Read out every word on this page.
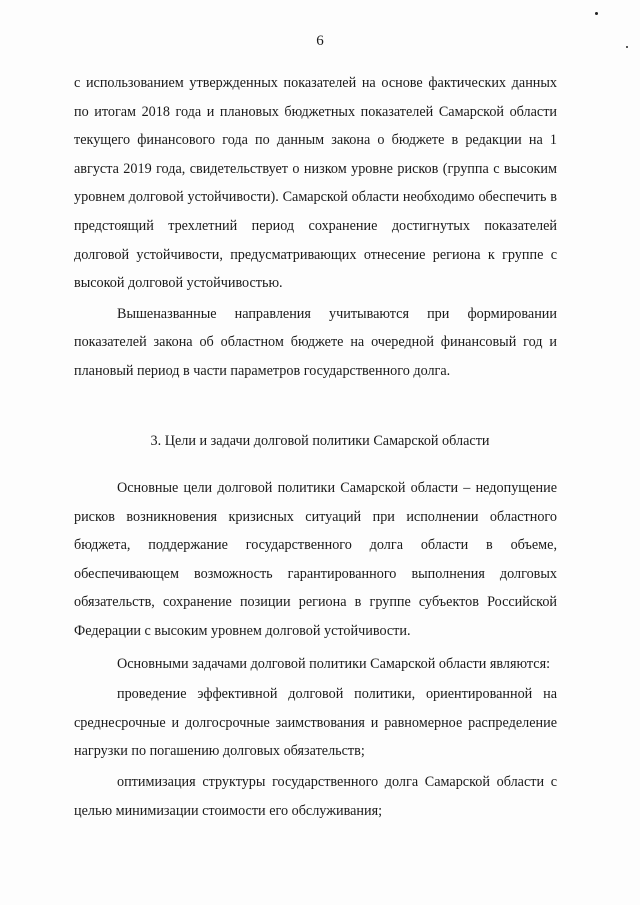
6

с использованием утвержденных показателей на основе фактических данных по итогам 2018 года и плановых бюджетных показателей Самарской области текущего финансового года по данным закона о бюджете в редакции на 1 августа 2019 года, свидетельствует о низком уровне рисков (группа с высоким уровнем долговой устойчивости). Самарской области необходимо обеспечить в предстоящий трехлетний период сохранение достигнутых показателей долговой устойчивости, предусматривающих отнесение региона к группе с высокой долговой устойчивостью.

Вышеназванные направления учитываются при формировании показателей закона об областном бюджете на очередной финансовый год и плановый период в части параметров государственного долга.

3. Цели и задачи долговой политики Самарской области

Основные цели долговой политики Самарской области – недопущение рисков возникновения кризисных ситуаций при исполнении областного бюджета, поддержание государственного долга области в объеме, обеспечивающем возможность гарантированного выполнения долговых обязательств, сохранение позиции региона в группе субъектов Российской Федерации с высоким уровнем долговой устойчивости.

Основными задачами долговой политики Самарской области являются:

проведение эффективной долговой политики, ориентированной на среднесрочные и долгосрочные заимствования и равномерное распределение нагрузки по погашению долговых обязательств;

оптимизация структуры государственного долга Самарской области с целью минимизации стоимости его обслуживания;
